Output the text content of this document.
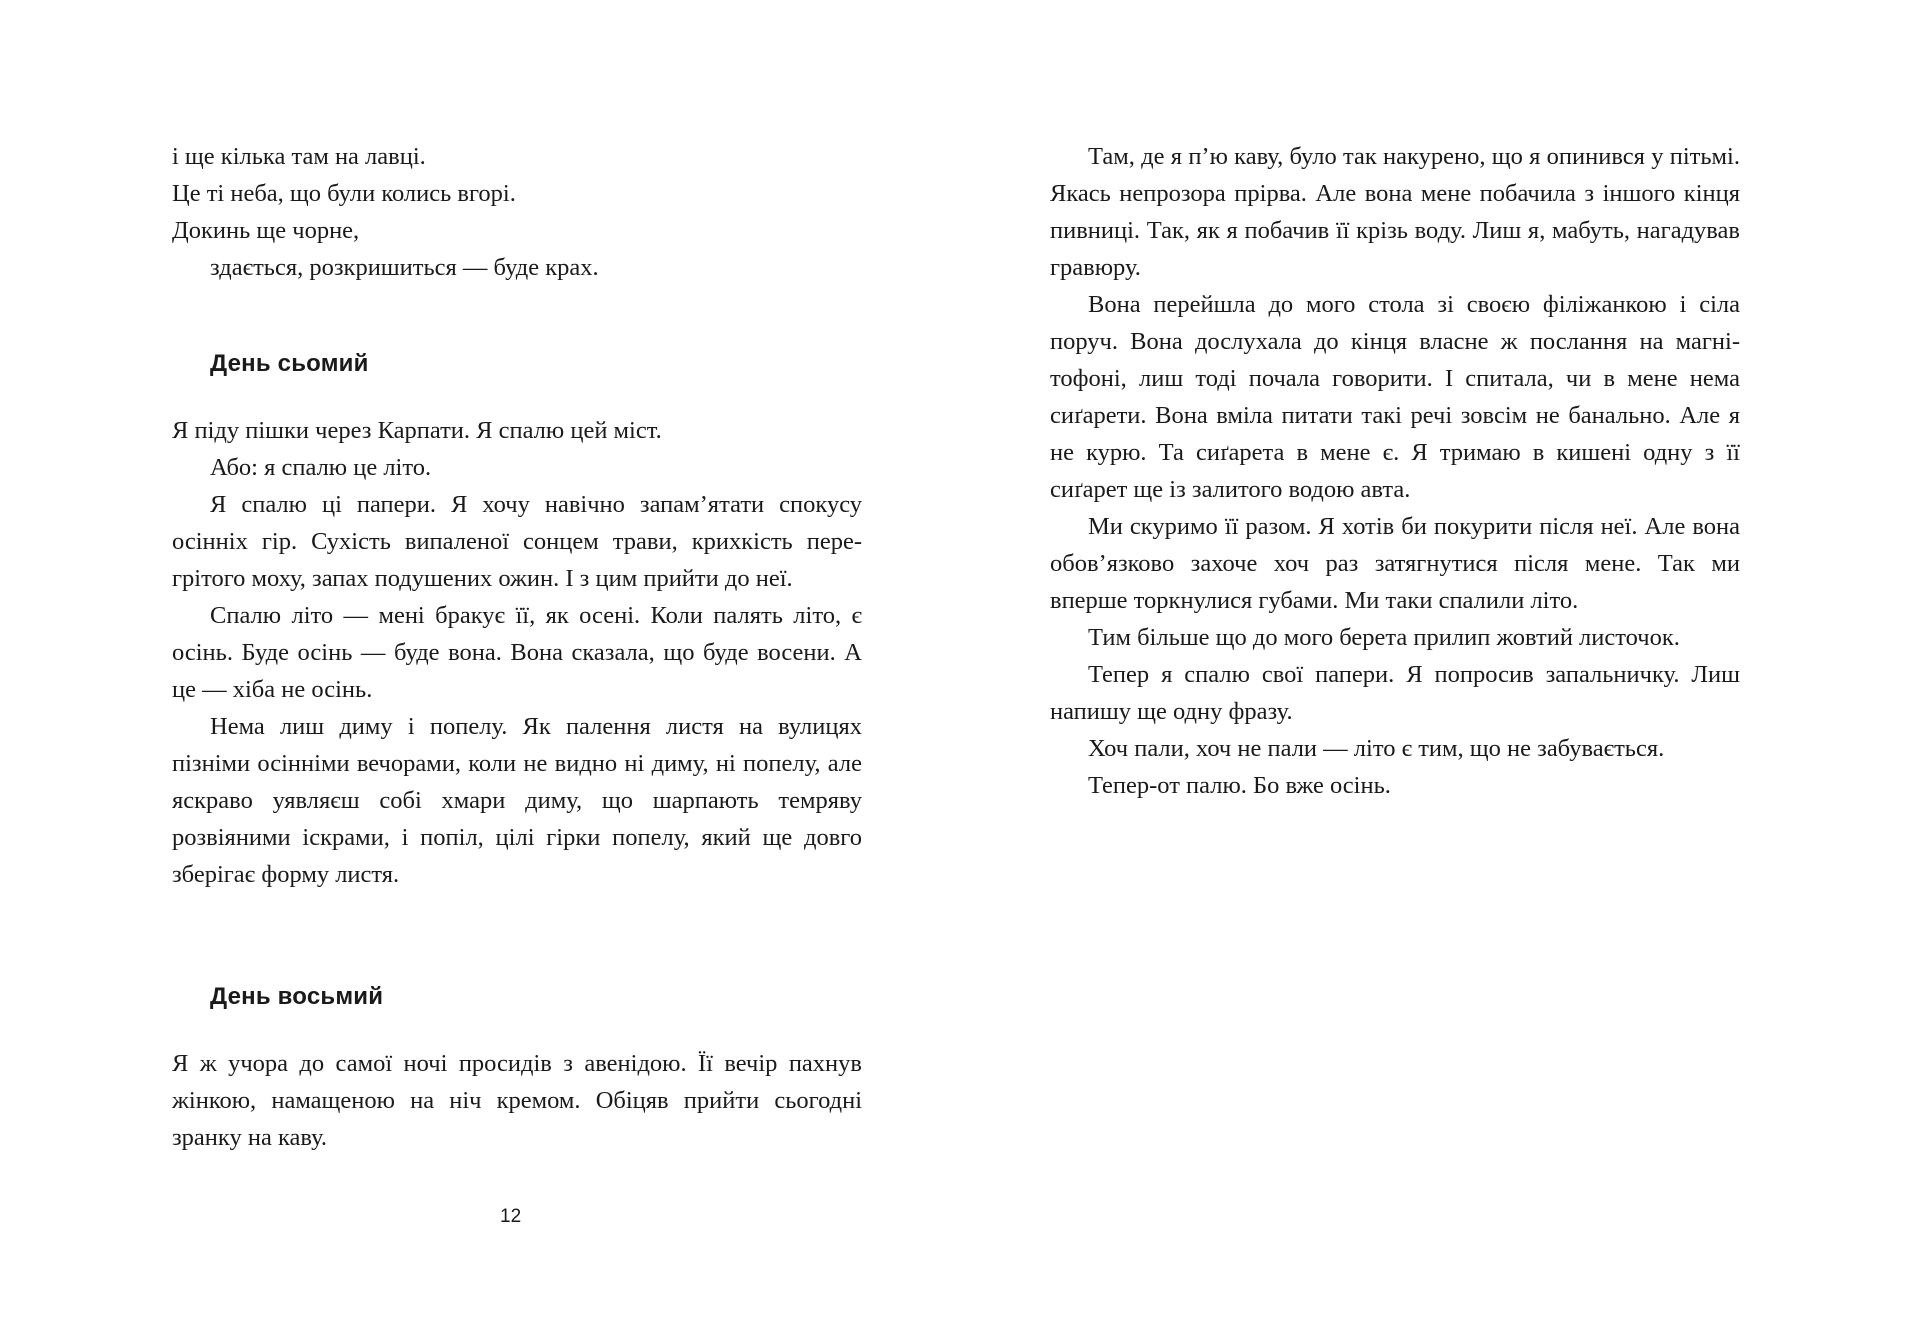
і ще кілька там на лавці.
Це ті неба, що були колись вгорі.
Докинь ще чорне,
здається, розкришиться — буде крах.
День сьомий

Я піду пішки через Карпати. Я спалю цей міст.

Або: я спалю це літо.

Я спалю ці папери. Я хочу навічно запам’ятати спокусу осінніх гір. Сухість випаленої сонцем трави, крихкість перегрітого моху, запах подушених ожин. І з цим прийти до неї.

Спалю літо — мені бракує її, як осені. Коли палять літо, є осінь. Буде осінь — буде вона. Вона сказала, що буде восени. А це — хіба не осінь.

Нема лиш диму і попелу. Як палення листя на вулицях пізніми осінніми вечорами, коли не видно ні диму, ні попелу, але яскраво уявляєш собі хмари диму, що шарпають темряву розвіяними іскрами, і попіл, цілі гірки попелу, який ще довго зберігає форму листя.

День восьмий

Я ж учора до самої ночі просидів з авенідою. Її вечір пахнув жінкою, намащеною на ніч кремом. Обіцяв прийти сьогодні зранку на каву.

Там, де я п’ю каву, було так накурено, що я опинився у пітьмі. Якась непрозора прірва. Але вона мене побачила з іншого кінця пивниці. Так, як я побачив її крізь воду. Лиш я, мабуть, нагадував гравюру.

Вона перейшла до мого стола зі своєю філіжанкою і сіла поруч. Вона дослухала до кінця власне ж послання на магнітофоні, лиш тоді почала говорити. І спитала, чи в мене нема сиґарети. Вона вміла питати такі речі зовсім не банально. Але я не курю. Та сиґарета в мене є. Я тримаю в кишені одну з її сиґарет ще із залитого водою авта.

Ми скуримо її разом. Я хотів би покурити після неї. Але вона обов’язково захоче хоч раз затягнутися після мене. Так ми вперше торкнулися губами. Ми таки спалили літо.

Тим більше що до мого берета прилип жовтий листочок.

Тепер я спалю свої папери. Я попросив запальничку. Лиш напишу ще одну фразу.

Хоч пали, хоч не пали — літо є тим, що не забувається.

Тепер-от палю. Бо вже осінь.

12
